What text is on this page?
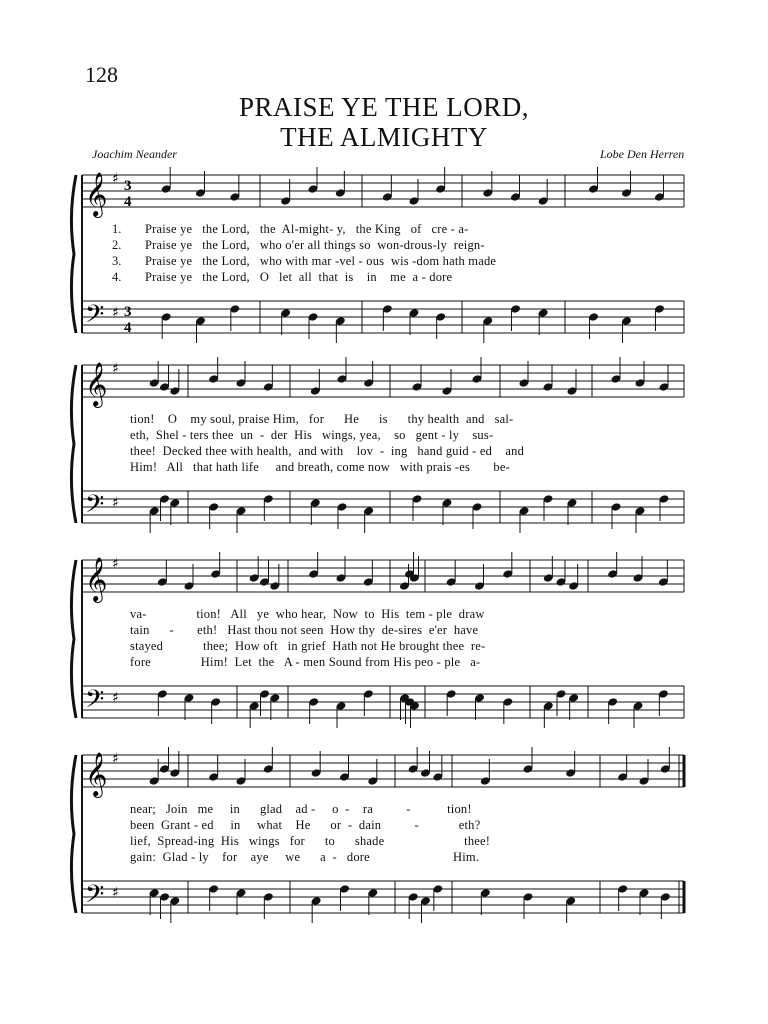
128
PRAISE YE THE LORD,
THE ALMIGHTY
Joachim Neander	Lobe Den Herren
𝄞
𝄢
♯
♯
3
4
3
4
𝄞
𝄢
♯
♯
𝄞
𝄢
♯
♯
𝄞
𝄢
♯
♯
Praise ye   the Lord,   the  Al-might- y,   the King   of   cre - a-
Praise ye   the Lord,   who o'er all things so  won-drous-ly  reign-
Praise ye   the Lord,   who with mar -vel - ous  wis -dom hath made
Praise ye   the Lord,   O   let  all  that  is    in    me  a - dore
tion!    O    my soul, praise Him,   for      He      is      thy health  and   sal-
eth,  Shel - ters thee  un  -  der  His   wings, yea,    so   gent - ly    sus-
thee!  Decked thee with health,  and with    lov  -  ing   hand guid - ed    and
Him!   All   that hath life     and breath, come now   with prais -es       be-
va-               tion!   All   ye  who hear,  Now  to  His  tem - ple  draw
tain      -       eth!   Hast thou not seen  How thy  de-sires  e'er  have
stayed            thee;  How oft   in grief  Hath not He brought thee  re-
fore               Him!  Let  the   A - men Sound from His peo - ple   a-
near;   Join   me     in      glad    ad -     o  -    ra          -           tion!
been  Grant - ed     in     what    He      or  -  dain          -            eth?
lief,  Spread-ing  His   wings   for      to      shade                        thee!
gain:  Glad - ly    for    aye     we      a  -   dore                         Him.
1.
2.
3.
4.
